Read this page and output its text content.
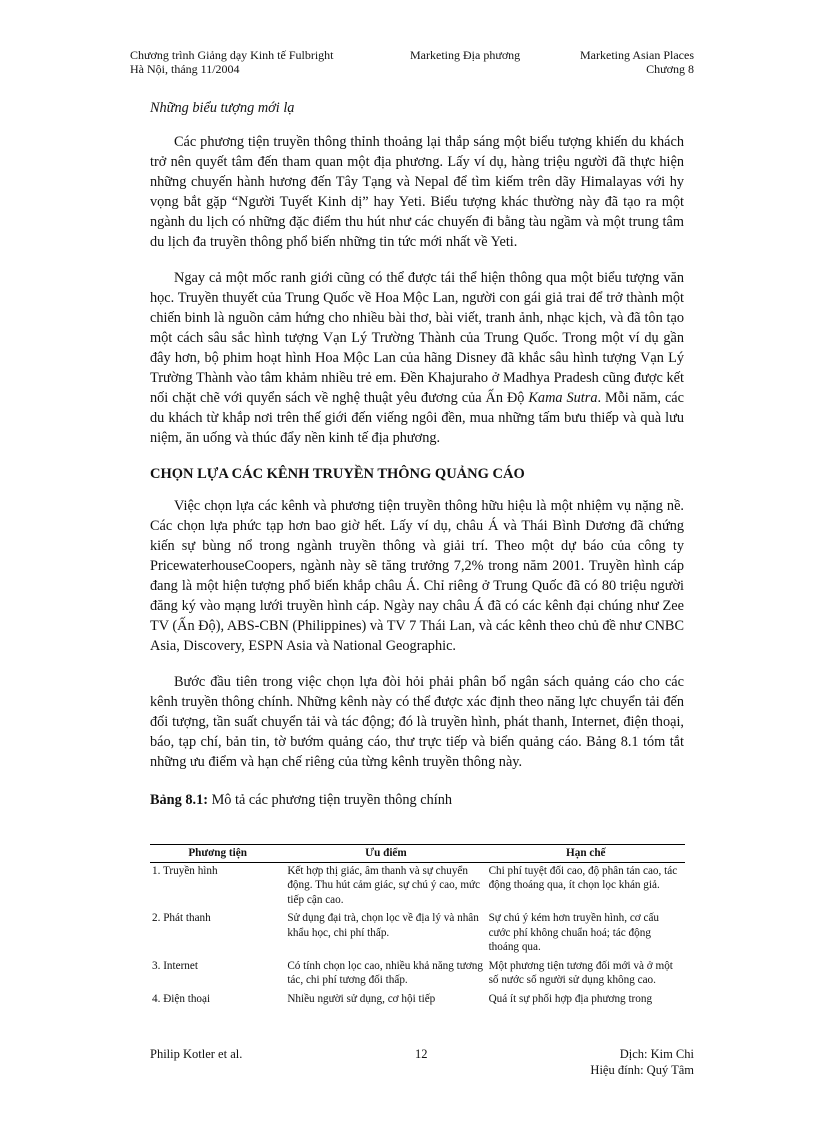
Chương trình Giảng dạy Kinh tế Fulbright
Hà Nội, tháng 11/2004
Marketing Địa phương	Marketing Asian Places
Chương 8
Những biểu tượng mới lạ

Các phương tiện truyền thông thỉnh thoảng lại thắp sáng một biểu tượng khiến du khách trở nên quyết tâm đến tham quan một địa phương. Lấy ví dụ, hàng triệu người đã thực hiện những chuyến hành hương đến Tây Tạng và Nepal để tìm kiếm trên dãy Himalayas với hy vọng bắt gặp “Người Tuyết Kinh dị” hay Yeti. Biểu tượng khác thường này đã tạo ra một ngành du lịch có những đặc điểm thu hút như các chuyến đi bằng tàu ngầm và một trung tâm du lịch đa truyền thông phổ biến những tin tức mới nhất về Yeti.

Ngay cả một mốc ranh giới cũng có thể được tái thể hiện thông qua một biểu tượng văn học. Truyền thuyết của Trung Quốc về Hoa Mộc Lan, người con gái giả trai để trở thành một chiến binh là nguồn cảm hứng cho nhiều bài thơ, bài viết, tranh ảnh, nhạc kịch, và đã tôn tạo một cách sâu sắc hình tượng Vạn Lý Trường Thành của Trung Quốc. Trong một ví dụ gần đây hơn, bộ phim hoạt hình Hoa Mộc Lan của hãng Disney đã khắc sâu hình tượng Vạn Lý Trường Thành vào tâm khảm nhiều trẻ em. Đền Khajuraho ở Madhya Pradesh cũng được kết nối chặt chẽ với quyển sách về nghệ thuật yêu đương của Ấn Độ Kama Sutra. Mỗi năm, các du khách từ khắp nơi trên thế giới đến viếng ngôi đền, mua những tấm bưu thiếp và quà lưu niệm, ăn uống và thúc đẩy nền kinh tế địa phương.

CHỌN LỰA CÁC KÊNH TRUYỀN THÔNG QUẢNG CÁO

Việc chọn lựa các kênh và phương tiện truyền thông hữu hiệu là một nhiệm vụ nặng nề. Các chọn lựa phức tạp hơn bao giờ hết. Lấy ví dụ, châu Á và Thái Bình Dương đã chứng kiến sự bùng nổ trong ngành truyền thông và giải trí. Theo một dự báo của công ty PricewaterhouseCoopers, ngành này sẽ tăng trưởng 7,2% trong năm 2001. Truyền hình cáp đang là một hiện tượng phổ biến khắp châu Á. Chỉ riêng ở Trung Quốc đã có 80 triệu người đăng ký vào mạng lưới truyền hình cáp. Ngày nay châu Á đã có các kênh đại chúng như Zee TV (Ấn Độ), ABS-CBN (Philippines) và TV 7 Thái Lan, và các kênh theo chủ đề như CNBC Asia, Discovery, ESPN Asia và National Geographic.

Bước đầu tiên trong việc chọn lựa đòi hỏi phải phân bổ ngân sách quảng cáo cho các kênh truyền thông chính. Những kênh này có thể được xác định theo năng lực chuyển tải đến đối tượng, tần suất chuyển tải và tác động; đó là truyền hình, phát thanh, Internet, điện thoại, báo, tạp chí, bản tin, tờ bướm quảng cáo, thư trực tiếp và biển quảng cáo. Bảng 8.1 tóm tắt những ưu điểm và hạn chế riêng của từng kênh truyền thông này.

Bảng 8.1: Mô tả các phương tiện truyền thông chính
Phương tiện	Ưu điểm	Hạn chế
1. Truyền hình	Kết hợp thị giác, âm thanh và sự chuyển động. Thu hút cảm giác, sự chú ý cao, mức tiếp cận cao.	Chi phí tuyệt đối cao, độ phân tán cao, tác động thoáng qua, ít chọn lọc khán giả.
2. Phát thanh	Sử dụng đại trà, chọn lọc về địa lý và nhân khẩu học, chi phí thấp.	Sự chú ý kém hơn truyền hình, cơ cấu cước phí không chuẩn hoá; tác động thoáng qua.
3. Internet	Có tính chọn lọc cao, nhiều khả năng tương tác, chi phí tương đối thấp.	Một phương tiện tương đối mới và ở một số nước số người sử dụng không cao.
4. Điện thoại	Nhiều người sử dụng, cơ hội tiếp	Quá ít sự phối hợp địa phương trong
Philip Kotler et al.	12	Dịch: Kim Chi
Hiệu đính: Quý Tâm
